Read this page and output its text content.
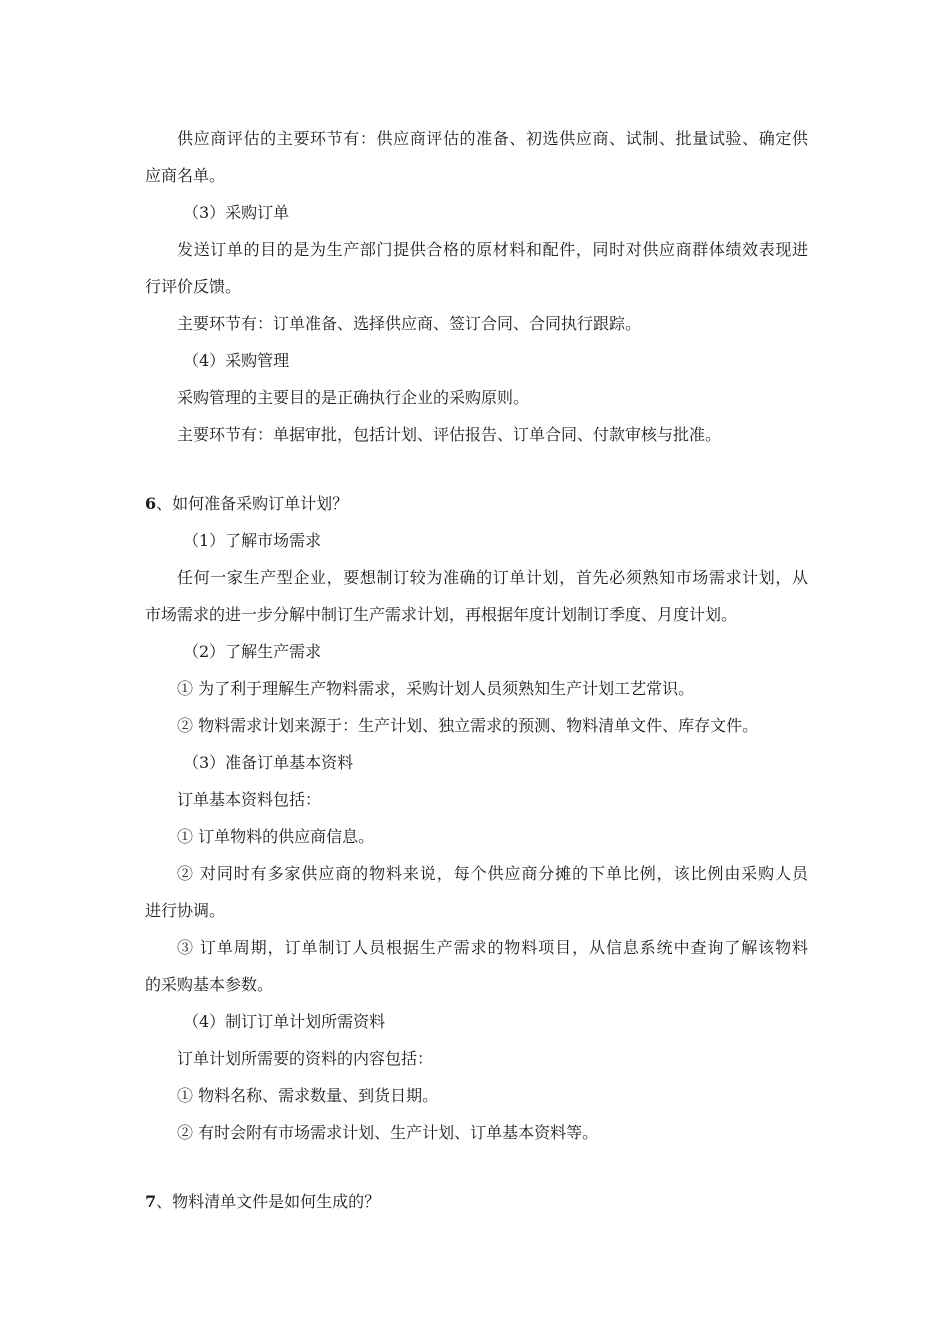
供应商评估的主要环节有：供应商评估的准备、初选供应商、试制、批量试验、确定供
应商名单。
（3）采购订单
发送订单的目的是为生产部门提供合格的原材料和配件，同时对供应商群体绩效表现进
行评价反馈。
主要环节有：订单准备、选择供应商、签订合同、合同执行跟踪。
（4）采购管理
采购管理的主要目的是正确执行企业的采购原则。
主要环节有：单据审批，包括计划、评估报告、订单合同、付款审核与批准。
6、如何准备采购订单计划？
（1）了解市场需求
任何一家生产型企业，要想制订较为准确的订单计划，首先必须熟知市场需求计划，从
市场需求的进一步分解中制订生产需求计划，再根据年度计划制订季度、月度计划。
（2）了解生产需求
① 为了利于理解生产物料需求，采购计划人员须熟知生产计划工艺常识。
② 物料需求计划来源于：生产计划、独立需求的预测、物料清单文件、库存文件。
（3）准备订单基本资料
订单基本资料包括：
① 订单物料的供应商信息。
② 对同时有多家供应商的物料来说，每个供应商分摊的下单比例，该比例由采购人员
进行协调。
③ 订单周期，订单制订人员根据生产需求的物料项目，从信息系统中查询了解该物料
的采购基本参数。
（4）制订订单计划所需资料
订单计划所需要的资料的内容包括：
① 物料名称、需求数量、到货日期。
② 有时会附有市场需求计划、生产计划、订单基本资料等。
7、物料清单文件是如何生成的？
